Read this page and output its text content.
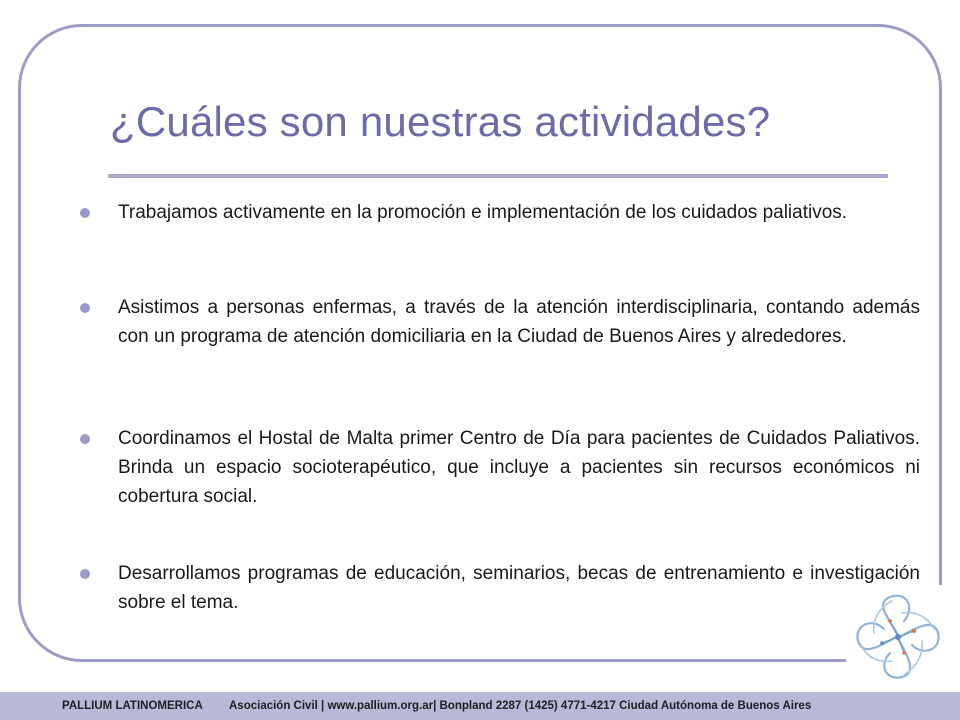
¿Cuáles son nuestras actividades?
Trabajamos activamente en la promoción e implementación de los cuidados paliativos.
Asistimos a personas enfermas, a través de la atención interdisciplinaria, contando además con un programa de atención domiciliaria en la Ciudad de Buenos Aires y alrededores.
Coordinamos el Hostal de Malta primer Centro de Día para pacientes de Cuidados Paliativos. Brinda un espacio socioterapéutico, que incluye a pacientes sin recursos económicos ni cobertura social.
Desarrollamos programas de educación, seminarios, becas de entrenamiento e investigación sobre el tema.
PALLIUM LATINOMERICA Asociación Civil | www.pallium.org.ar| Bonpland 2287 (1425) 4771-4217 Ciudad Autónoma de Buenos Aires
